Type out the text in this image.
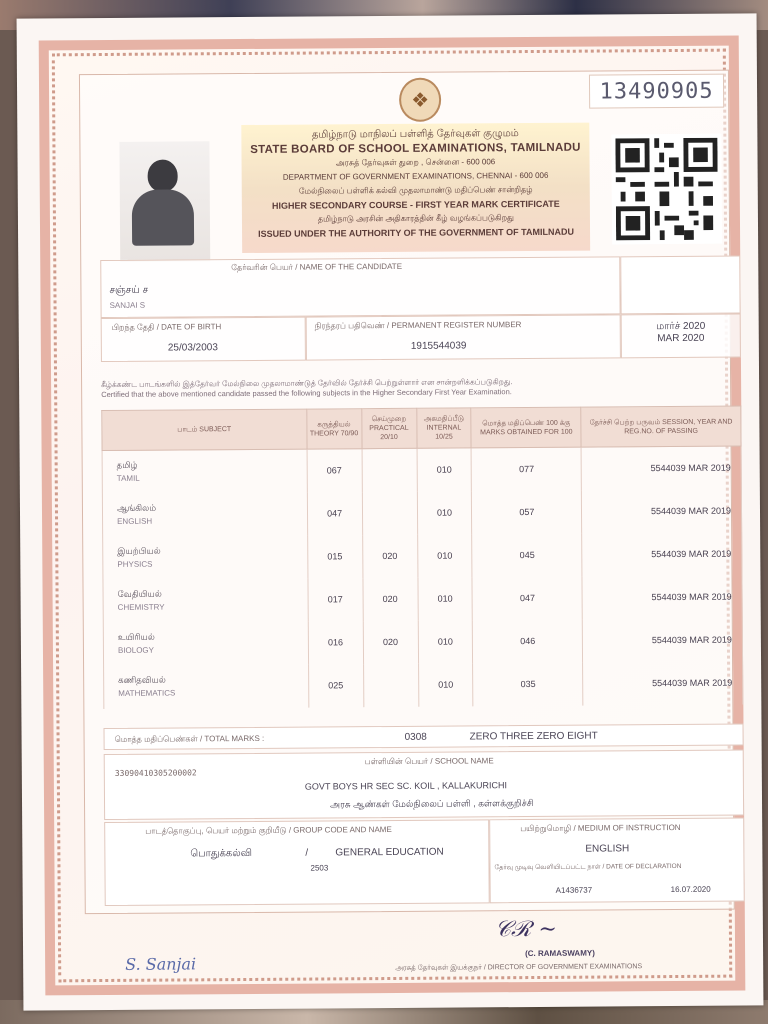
13490905
❖
தமிழ்நாடு மாநிலப் பள்ளித் தேர்வுகள் குழுமம்
STATE BOARD OF SCHOOL EXAMINATIONS, TAMILNADU
அரசுத் தேர்வுகள் துறை , சென்னை - 600 006
DEPARTMENT OF GOVERNMENT EXAMINATIONS, CHENNAI - 600 006
மேல்நிலைப் பள்ளிக் கல்வி முதலாமாண்டு மதிப்பெண் சான்றிதழ்
HIGHER SECONDARY COURSE - FIRST YEAR MARK CERTIFICATE
தமிழ்நாடு அரசின் அதிகாரத்தின் கீழ் வழங்கப்படுகிறது
ISSUED UNDER THE AUTHORITY OF THE GOVERNMENT OF TAMILNADU
தேர்வரின் பெயர் / NAME OF THE CANDIDATE
சஞ்சய் ச
SANJAI S
பிறந்த தேதி / DATE OF BIRTH
25/03/2003
நிரந்தரப் பதிவெண் / PERMANENT REGISTER NUMBER
1915544039
மார்ச் 2020
MAR 2020
கீழ்க்கண்ட பாடங்களில் இத்தேர்வர் மேல்நிலை முதலாமாண்டுத் தேர்வில் தேர்ச்சி பெற்றுள்ளார் என சான்றளிக்கப்படுகிறது.
Certified that the above mentioned candidate passed the following subjects in the Higher Secondary First Year Examination.
பாடம் SUBJECT	கருத்தியல் THEORY 70/90	செய்முறை PRACTICAL 20/10	அகமதிப்பீடு INTERNAL 10/25	மொத்த மதிப்பெண் 100 க்கு MARKS OBTAINED FOR 100	தேர்ச்சி பெற்ற பருவம் SESSION, YEAR AND REG.NO. OF PASSING

தமிழ்
TAMIL	067		010	077	5544039 MAR 2019

ஆங்கிலம்
ENGLISH	047		010	057	5544039 MAR 2019

இயற்பியல்
PHYSICS	015	020	010	045	5544039 MAR 2019

வேதியியல்
CHEMISTRY	017	020	010	047	5544039 MAR 2019

உயிரியல்
BIOLOGY	016	020	010	046	5544039 MAR 2019

கணிதவியல்
MATHEMATICS	025		010	035	5544039 MAR 2019
மொத்த மதிப்பெண்கள் / TOTAL MARKS :	0308	ZERO THREE ZERO EIGHT
பள்ளியின் பெயர் / SCHOOL NAME
33090410305200002
GOVT BOYS HR SEC SC. KOIL , KALLAKURICHI
அரசு ஆண்கள் மேல்நிலைப் பள்ளி , கள்ளக்குறிச்சி
பாடத்தொகுப்பு, பெயர் மற்றும் குறியீடு / GROUP CODE AND NAME
பொதுக்கல்வி	/	GENERAL EDUCATION
2503
பயிற்றுமொழி / MEDIUM OF INSTRUCTION
ENGLISH
தேர்வு முடிவு வெளியிடப்பட்ட நாள் / DATE OF DECLARATION
A1436737	16.07.2020
𝒞ℛ ~
(C. RAMASWAMY)
அரசுத் தேர்வுகள் இயக்குநர் / DIRECTOR OF GOVERNMENT EXAMINATIONS
S. Sanjai
